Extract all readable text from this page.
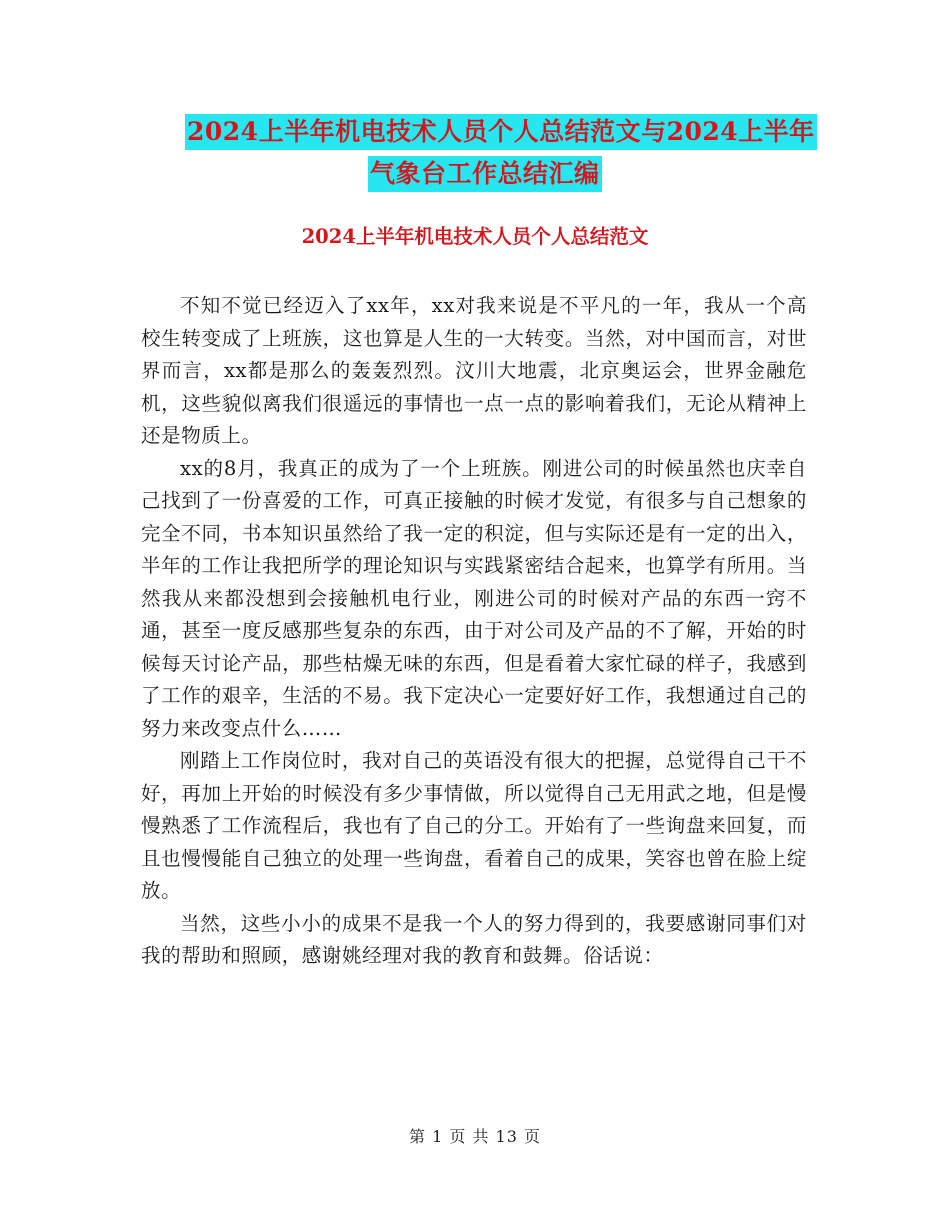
2024上半年机电技术人员个人总结范文与2024上半年
气象台工作总结汇编
2024上半年机电技术人员个人总结范文

不知不觉已经迈入了xx年，xx对我来说是不平凡的一年，我从一个高校生转变成了上班族，这也算是人生的一大转变。当然，对中国而言，对世界而言，xx都是那么的轰轰烈烈。汶川大地震，北京奥运会，世界金融危机，这些貌似离我们很遥远的事情也一点一点的影响着我们，无论从精神上还是物质上。

xx的8月，我真正的成为了一个上班族。刚进公司的时候虽然也庆幸自己找到了一份喜爱的工作，可真正接触的时候才发觉，有很多与自己想象的完全不同，书本知识虽然给了我一定的积淀，但与实际还是有一定的出入，半年的工作让我把所学的理论知识与实践紧密结合起来，也算学有所用。当然我从来都没想到会接触机电行业，刚进公司的时候对产品的东西一窍不通，甚至一度反感那些复杂的东西，由于对公司及产品的不了解，开始的时候每天讨论产品，那些枯燥无味的东西，但是看着大家忙碌的样子，我感到了工作的艰辛，生活的不易。我下定决心一定要好好工作，我想通过自己的努力来改变点什么……

刚踏上工作岗位时，我对自己的英语没有很大的把握，总觉得自己干不好，再加上开始的时候没有多少事情做，所以觉得自己无用武之地，但是慢慢熟悉了工作流程后，我也有了自己的分工。开始有了一些询盘来回复，而且也慢慢能自己独立的处理一些询盘，看着自己的成果，笑容也曾在脸上绽放。

当然，这些小小的成果不是我一个人的努力得到的，我要感谢同事们对我的帮助和照顾，感谢姚经理对我的教育和鼓舞。俗话说：

第 1 页 共 13 页
